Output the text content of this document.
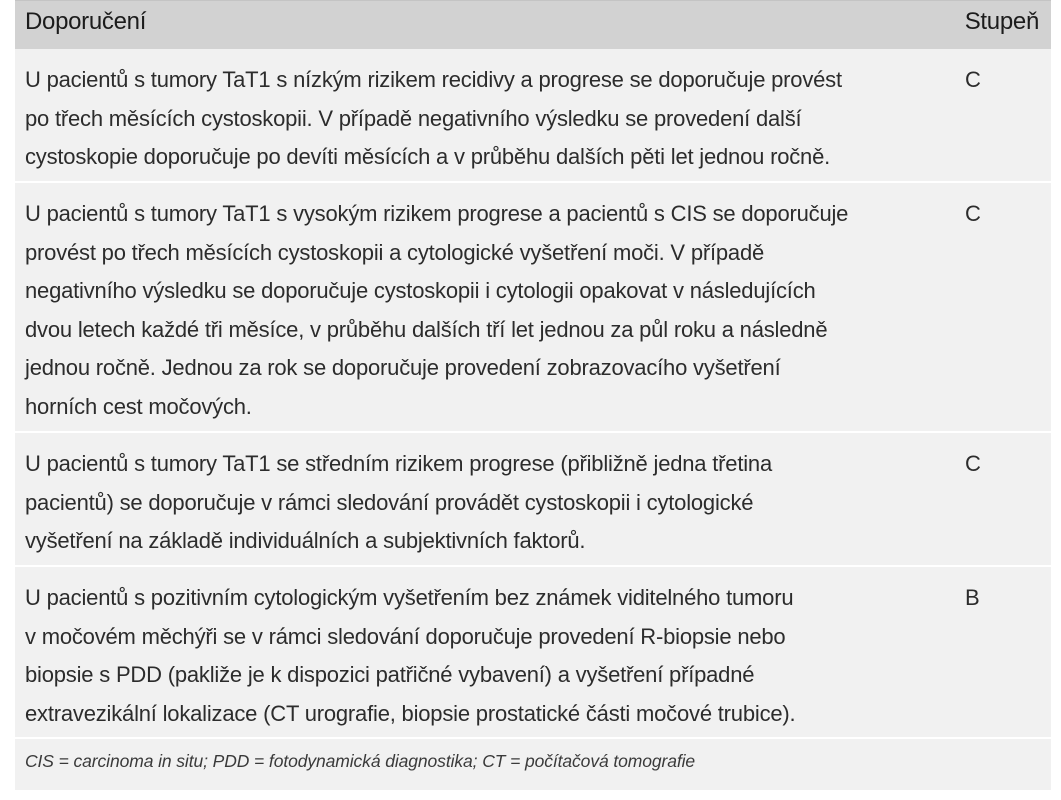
Doporučení	Stupeň
U pacientů s tumory TaT1 s nízkým rizikem recidivy a progrese se doporučuje provést
po třech měsících cystoskopii. V případě negativního výsledku se provedení další
cystoskopie doporučuje po devíti měsících a v průběhu dalších pěti let jednou ročně.
C
U pacientů s tumory TaT1 s vysokým rizikem progrese a pacientů s CIS se doporučuje
provést po třech měsících cystoskopii a cytologické vyšetření moči. V případě
negativního výsledku se doporučuje cystoskopii i cytologii opakovat v následujících
dvou letech každé tři měsíce, v průběhu dalších tří let jednou za půl roku a následně
jednou ročně. Jednou za rok se doporučuje provedení zobrazovacího vyšetření
horních cest močových.
C
U pacientů s tumory TaT1 se středním rizikem progrese (přibližně jedna třetina
pacientů) se doporučuje v rámci sledování provádět cystoskopii i cytologické
vyšetření na základě individuálních a subjektivních faktorů.
C
U pacientů s pozitivním cytologickým vyšetřením bez známek viditelného tumoru
v močovém měchýři se v rámci sledování doporučuje provedení R-biopsie nebo
biopsie s PDD (pakliže je k dispozici patřičné vybavení) a vyšetření případné
extravezikální lokalizace (CT urografie, biopsie prostatické části močové trubice).
B
CIS = carcinoma in situ; PDD = fotodynamická diagnostika; CT = počítačová tomografie
